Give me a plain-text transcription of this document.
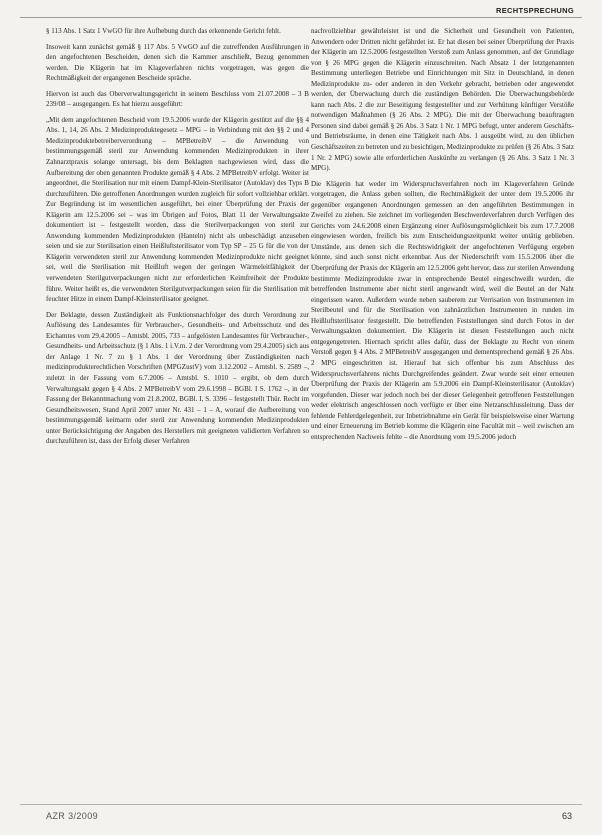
RECHTSPRECHUNG

§ 113 Abs. 1 Satz 1 VwGO für ihre Aufhebung durch das erkennende Gericht fehlt.

Insoweit kann zunächst gemäß § 117 Abs. 5 VwGO auf die zutreffenden Ausführungen in den angefochtenen Bescheiden, denen sich die Kammer anschließt, Bezug genommen werden. Die Klägerin hat im Klageverfahren nichts vorgetragen, was gegen die Rechtmäßigkeit der ergangenen Bescheide spräche.

Hiervon ist auch das Oberverwaltungsgericht in seinem Beschluss vom 21.07.2008 – 3 B 239/08 – ausgegangen. Es hat hierzu ausgeführt:

„Mit dem angefochtenen Bescheid vom 19.5.2006 wurde der Klägerin gestützt auf die §§ 4 Abs. 1, 14, 26 Abs. 2 Medizinproduktegesetz – MPG – in Verbindung mit den §§ 2 und 4 Medizinproduktebetreiberverordnung – MPBetreibV – die Anwendung von bestimmungsgemäß steril zur Anwendung kommenden Medizinprodukten in ihrer Zahnarztpraxis solange untersagt, bis dem Beklagten nachgewiesen wird, dass die Aufbereitung der oben genannten Produkte gemäß § 4 Abs. 2 MPBetreibV erfolgt. Weiter ist angeordnet, die Sterilisation nur mit einem Dampf-Klein-Sterilisator (Autoklav) des Typs B durchzuführen. Die getroffenen Anordnungen wurden zugleich für sofort vollziehbar erklärt. Zur Begründung ist im wesentlichen ausgeführt, bei einer Überprüfung der Praxis der Klägerin am 12.5.2006 sei – was im Übrigen auf Fotos, Blatt 11 der Verwaltungsakte dokumentiert ist – festgestellt worden, dass die Sterilverpackungen von steril zur Anwendung kommenden Medizinprodukten (Hanteln) nicht als unbeschädigt anzusehen seien und sie zur Sterilisation einen Heißluftsterilisator vom Typ SP – 25 G für die von der Klägerin verwendeten steril zur Anwendung kommenden Medizinprodukte nicht geeignet sei, weil die Sterilisation mit Heißluft wegen der geringen Wärmeleitfähigkeit der verwendeten Sterilgutverpackungen nicht zur erforderlichen Keimfreiheit der Produkte führe. Weiter heißt es, die verwendeten Sterilgutverpackungen seien für die Sterilisation mit feuchter Hitze in einem Dampf-Kleinsterilisator geeignet.

Der Beklagte, dessen Zuständigkeit als Funktionsnachfolger des durch Verordnung zur Auflösung des Landesamtes für Verbraucher-, Gesundheits- und Arbeitsschutz und des Eichamtes vom 29.4.2005 – Amtsbl. 2005, 733 – aufgelösten Landesamtes für Verbraucher-, Gesundheits- und Arbeitsschutz (§ 1 Abs. 1 i.V.m. 2 der Verordnung vom 29.4.2005) sich aus der Anlage 1 Nr. 7 zu § 1 Abs. 1 der Verordnung über Zuständigkeiten nach medizinprodukterechtlichen Vorschriften (MPGZustV) vom 3.12.2002 – Amtsbl. S. 2589 –, zuletzt in der Fassung vom 6.7.2006 – Amtsbl. S. 1010 – ergibt, ob dem durch Verwaltungsakt gegen § 4 Abs. 2 MPBetreibV vom 29.6.1998 – BGBl. I S. 1762 –, in der Fassung der Bekanntmachung vom 21.8.2002, BGBl. I, S. 3396 – festgestellt Thür. Recht im Gesundheitswesen, Stand April 2007 unter Nr. 431 – 1 – A, worauf die Aufbereitung von bestimmungsgemäß keimarm oder steril zur Anwendung kommenden Medizinprodukten unter Berücksichtigung der Angaben des Herstellers mit geeigneten validierten Verfahren so durchzuführen ist, dass der Erfolg dieser Verfahren

nachvollziehbar gewährleistet ist und die Sicherheit und Gesundheit von Patienten, Anwendern oder Dritten nicht gefährdet ist. Er hat diesen bei seiner Überprüfung der Praxis der Klägerin am 12.5.2006 festgestellten Verstoß zum Anlass genommen, auf der Grundlage von § 26 MPG gegen die Klägerin einzuschreiten. Nach Absatz 1 der letztgenannten Bestimmung unterliegen Betriebe und Einrichtungen mit Sitz in Deutschland, in denen Medizinprodukte zu- oder anderen in den Verkehr gebracht, betrieben oder angewendet werden, der Überwachung durch die zuständigen Behörden. Die Überwachungsbehörde kann nach Abs. 2 die zur Beseitigung festgestellter und zur Verhütung künftiger Verstöße notwendigen Maßnahmen (§ 26 Abs. 2 MPG). Die mit der Überwachung beauftragten Personen sind dabei gemäß § 26 Abs. 3 Satz 1 Nr. 1 MPG befugt, unter anderem Geschäfts- und Betriebsräume, in denen eine Tätigkeit nach Abs. 1 ausgeübt wird, zu den üblichen Geschäftszeiten zu betreten und zu besichtigen, Medizinprodukte zu prüfen (§ 26 Abs. 3 Satz 1 Nr. 2 MPG) sowie alle erforderlichen Auskünfte zu verlangen (§ 26 Abs. 3 Satz 1 Nr. 3 MPG).

Die Klägerin hat weder im Widerspruchsverfahren noch im Klageverfahren Gründe vorgetragen, die Anlass geben sollten, die Rechtmäßigkeit der unter dem 19.5.2006 ihr gegenüber ergangenen Anordnungen gemessen an den angeführten Bestimmungen in Zweifel zu ziehen. Sie zeichnet im vorliegenden Beschwerdeverfahren durch Verfügen des Gerichts vom 24.6.2008 einen Ergänzung einer Auflösungsmöglichkeit bis zum 17.7.2008 eingewiesen worden, freilich bis zum Entscheidungszeitpunkt weiter untätig geblieben. Umstände, aus denen sich die Rechtswidrigkeit der angefochtenen Verfügung ergeben könnte, sind auch sonst nicht erkennbar. Aus der Niederschrift vom 15.5.2006 über die Überprüfung der Praxis der Klägerin am 12.5.2006 geht hervor, dass zur sterilen Anwendung bestimmte Medizinprodukte zwar in entsprechende Beutel eingeschweißt wurden, die betreffenden Instrumente aber nicht steril angewandt wird, weil die Beutel an der Naht eingerissen waren. Außerdem wurde neben sauberem zur Verrisation von Instrumenten im Sterilbeutel und für die Sterilisation von zahnärztlichen Instrumenten in runden im Heißluftsterilisator festgestellt. Die betreffenden Feststellungen sind durch Fotos in der Verwaltungsakten dokumentiert. Die Klägerin ist diesen Feststellungen auch nicht entgegengetreten. Hiernach spricht alles dafür, dass der Beklagte zu Recht von einem Verstoß gegen § 4 Abs. 2 MPBetreibV ausgegangen und dementsprechend gemäß § 26 Abs. 2 MPG eingeschritten ist. Hierauf hat sich offenbar bis zum Abschluss des Widerspruchsverfahrens nichts Durchgreifendes geändert. Zwar wurde seit einer erneuten Überprüfung der Praxis der Klägerin am 5.9.2006 ein Dampf-Kleinsterilisator (Autoklav) vorgefunden. Dieser war jedoch noch bei der dieser Gelegenheit getroffenen Feststellungen weder elektrisch angeschlossen noch verfügte er über eine Netzanschlussleitung. Dass der fehlende Fehlerdgelegenheit, zur Inbetriebnahme ein Gerät für beispielsweise einer Wartung und einer Erneuerung im Betrieb komme die Klägerin eine Facultät mit – weil zwischen am entsprechenden Nachweis fehlte – die Anordnung vom 19.5.2006 jedoch

AZR 3/2009	63
